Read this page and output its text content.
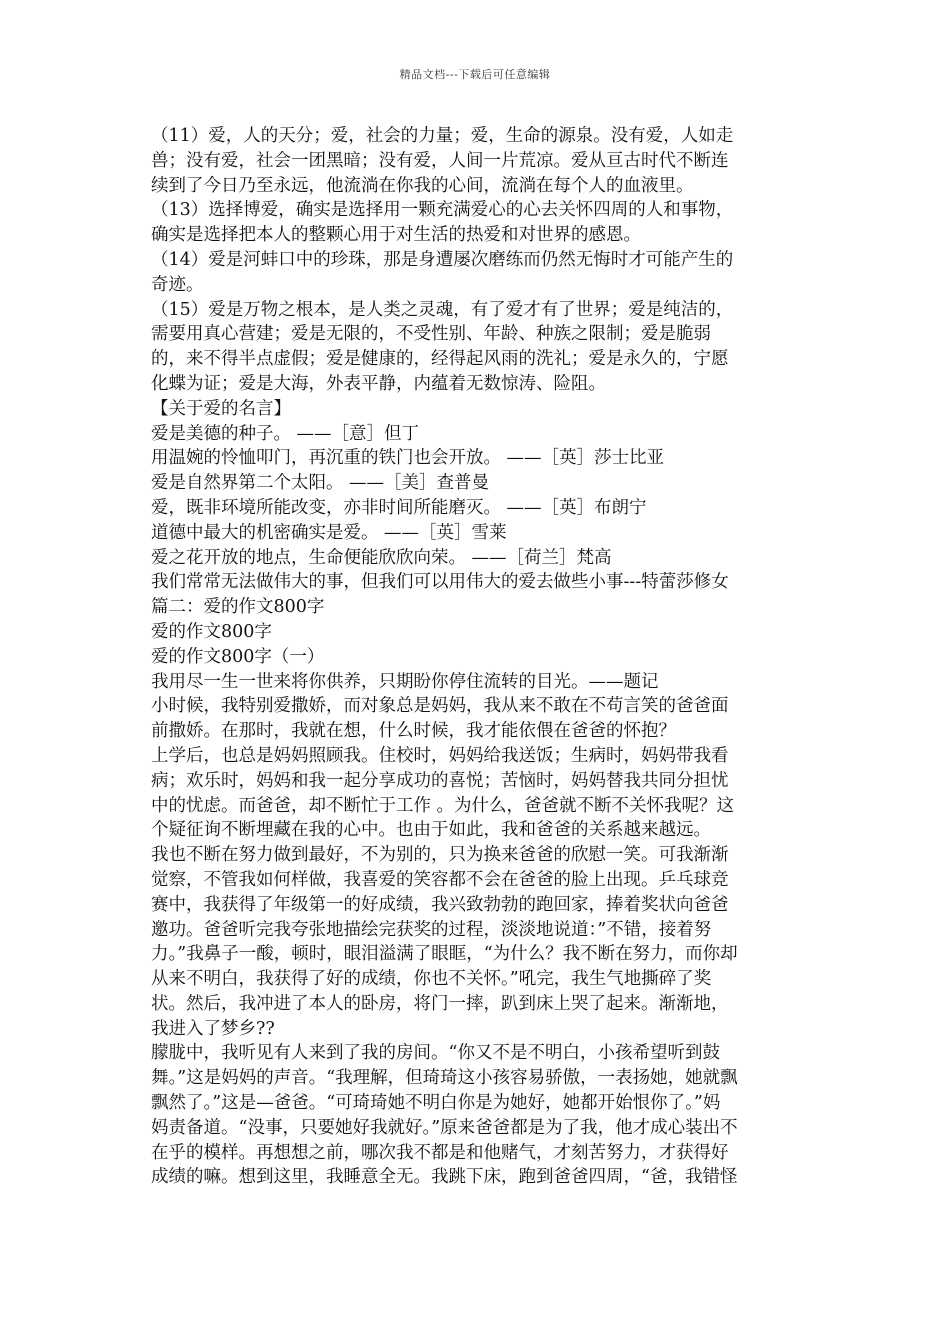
精品文档---下载后可任意编辑
（11）爱，人的天分；爱，社会的力量；爱，生命的源泉。没有爱，人如走
兽；没有爱，社会一团黑暗；没有爱，人间一片荒凉。爱从亘古时代不断连
续到了今日乃至永远，他流淌在你我的心间，流淌在每个人的血液里。
（13）选择博爱，确实是选择用一颗充满爱心的心去关怀四周的人和事物，
确实是选择把本人的整颗心用于对生活的热爱和对世界的感恩。
（14）爱是河蚌口中的珍珠，那是身遭屡次磨练而仍然无悔时才可能产生的
奇迹。
（15）爱是万物之根本，是人类之灵魂，有了爱才有了世界；爱是纯洁的，
需要用真心营建；爱是无限的，不受性别、年龄、种族之限制；爱是脆弱
的，来不得半点虚假；爱是健康的，经得起风雨的洗礼；爱是永久的，宁愿
化蝶为证；爱是大海，外表平静，内蕴着无数惊涛、险阻。
【关于爱的名言】
爱是美德的种子。 ——［意］但丁
用温婉的怜恤叩门，再沉重的铁门也会开放。 ——［英］莎士比亚
爱是自然界第二个太阳。 ——［美］查普曼
爱，既非环境所能改变，亦非时间所能磨灭。 ——［英］布朗宁
道德中最大的机密确实是爱。 ——［英］雪莱
爱之花开放的地点，生命便能欣欣向荣。 ——［荷兰］梵高
我们常常无法做伟大的事，但我们可以用伟大的爱去做些小事---特蕾莎修女
篇二：爱的作文800字
爱的作文800字
爱的作文800字（一）
我用尽一生一世来将你供养，只期盼你停住流转的目光。——题记
小时候，我特别爱撒娇，而对象总是妈妈，我从来不敢在不苟言笑的爸爸面
前撒娇。在那时，我就在想，什么时候，我才能依偎在爸爸的怀抱？
上学后，也总是妈妈照顾我。住校时，妈妈给我送饭；生病时，妈妈带我看
病；欢乐时，妈妈和我一起分享成功的喜悦；苦恼时，妈妈替我共同分担忧
中的忧虑。而爸爸，却不断忙于工作 。为什么，爸爸就不断不关怀我呢？这
个疑征询不断埋藏在我的心中。也由于如此，我和爸爸的关系越来越远。
我也不断在努力做到最好，不为别的，只为换来爸爸的欣慰一笑。可我渐渐
觉察，不管我如何样做，我喜爱的笑容都不会在爸爸的脸上出现。乒乓球竞
赛中，我获得了年级第一的好成绩，我兴致勃勃的跑回家，捧着奖状向爸爸
邀功。爸爸听完我夸张地描绘完获奖的过程，淡淡地说道：”不错，接着努
力。”我鼻子一酸，顿时，眼泪溢满了眼眶，“为什么？我不断在努力，而你却
从来不明白，我获得了好的成绩，你也不关怀。”吼完，我生气地撕碎了奖
状。然后，我冲进了本人的卧房，将门一摔，趴到床上哭了起来。渐渐地，
我进入了梦乡??
朦胧中，我听见有人来到了我的房间。“你又不是不明白，小孩希望听到鼓
舞。”这是妈妈的声音。“我理解，但琦琦这小孩容易骄傲，一表扬她，她就飘
飘然了。”这是—爸爸。“可琦琦她不明白你是为她好，她都开始恨你了。”妈
妈责备道。“没事，只要她好我就好。”原来爸爸都是为了我，他才成心装出不
在乎的模样。再想想之前，哪次我不都是和他赌气，才刻苦努力，才获得好
成绩的嘛。想到这里，我睡意全无。我跳下床，跑到爸爸四周，“爸，我错怪
